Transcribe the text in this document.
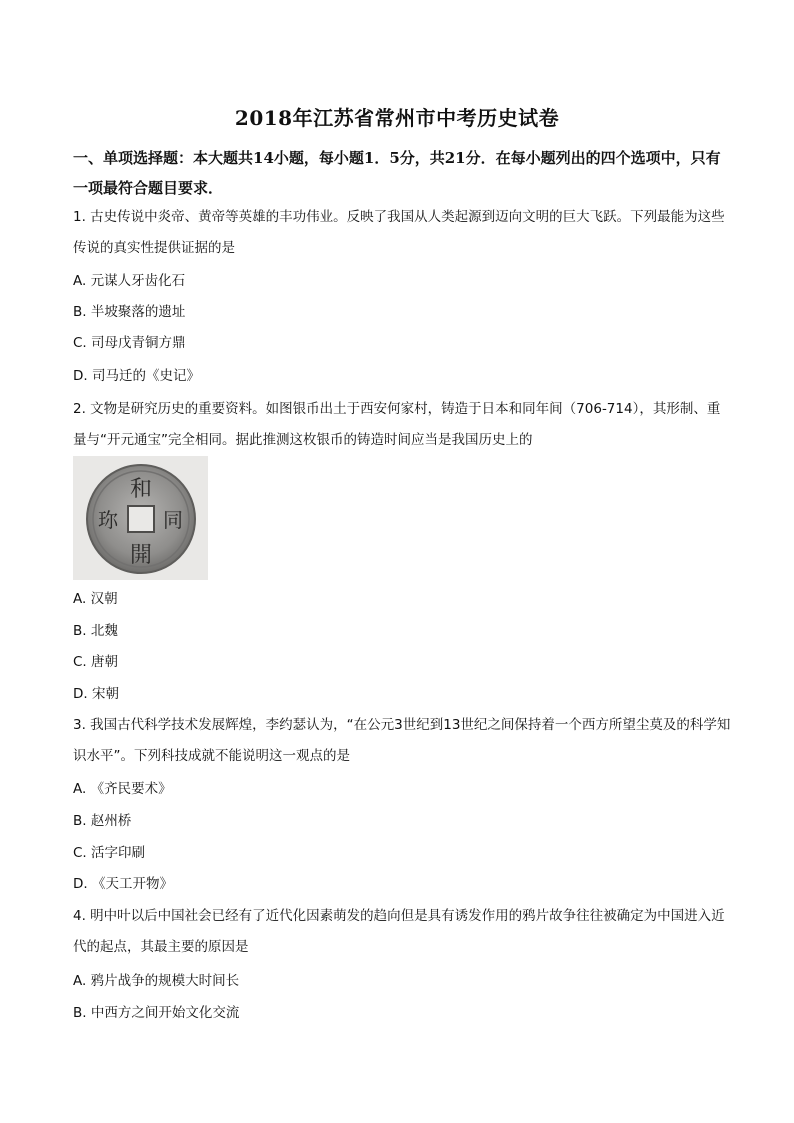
2018年江苏省常州市中考历史试卷
一、单项选择题：本大题共14小题，每小题1．5分，共21分．在每小题列出的四个选项中，只有一项最符合题目要求．
1. 古史传说中炎帝、黄帝等英雄的丰功伟业。反映了我国从人类起源到迈向文明的巨大飞跃。下列最能为这些传说的真实性提供证据的是
A. 元谋人牙齿化石
B. 半坡聚落的遗址
C. 司母戊青铜方鼎
D. 司马迁的《史记》
2. 文物是研究历史的重要资料。如图银币出土于西安何家村，铸造于日本和同年间（706-714），其形制、重量与“开元通宝”完全相同。据此推测这枚银币的铸造时间应当是我国历史上的
和
同
開
珎
A. 汉朝
B. 北魏
C. 唐朝
D. 宋朝
3. 我国古代科学技术发展辉煌，李约瑟认为，“在公元3世纪到13世纪之间保持着一个西方所望尘莫及的科学知识水平”。下列科技成就不能说明这一观点的是
A. 《齐民要术》
B. 赵州桥
C. 活字印刷
D. 《天工开物》
4. 明中叶以后中国社会已经有了近代化因素萌发的趋向但是具有诱发作用的鸦片故争往往被确定为中国进入近代的起点，其最主要的原因是
A. 鸦片战争的规模大时间长
B. 中西方之间开始文化交流
